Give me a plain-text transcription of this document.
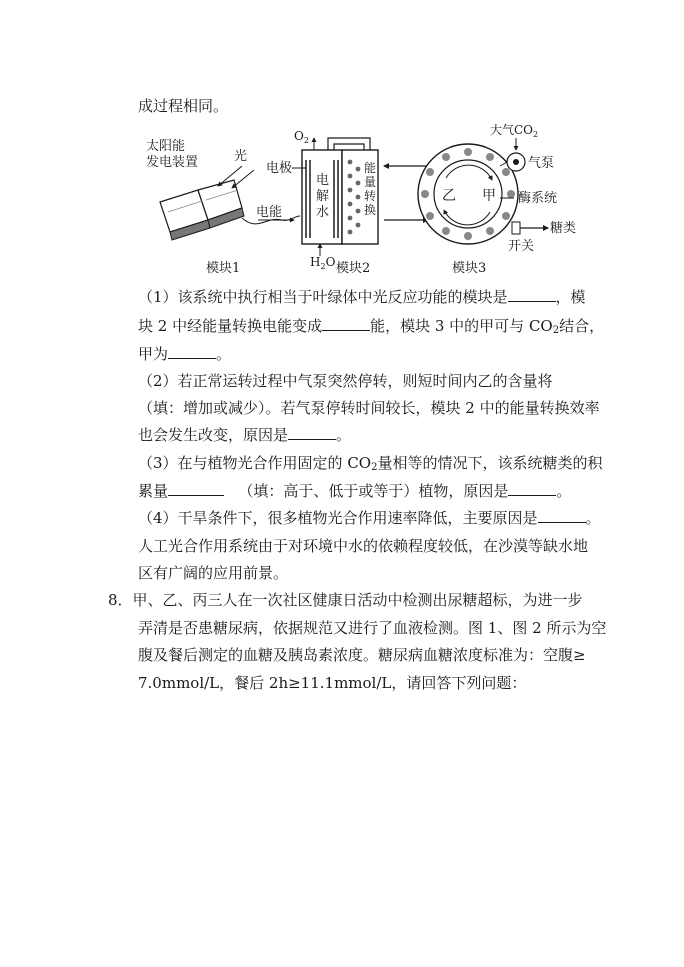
成过程相同。
太阳能
发电装置	光
电能
模块1
$O_2$
电极
电
解
水
能
量
转
换
$H_2O$ 模块2
乙 甲
大气$CO_2$
气泵
酶系统
糖类
开关
模块3
（1）该系统中执行相当于叶绿体中光反应功能的模块是	，模
块 2 中经能量转换电能变成	能，模块 3 中的甲可与 $CO_2$结合，
甲为	。
（2）若正常运转过程中气泵突然停转，则短时间内乙的含量将
（填：增加或减少）。若气泵停转时间较长，模块 2 中的能量转换效率
也会发生改变，原因是	。
（3）在与植物光合作用固定的 $CO_2$量相等的情况下，该系统糖类的积
累量	（填：高于、低于或等于）植物，原因是	。
（4）干旱条件下，很多植物光合作用速率降低，主要原因是	。
人工光合作用系统由于对环境中水的依赖程度较低，在沙漠等缺水地
区有广阔的应用前景。
8．甲、乙、丙三人在一次社区健康日活动中检测出尿糖超标，为进一步
弄清是否患糖尿病，依据规范又进行了血液检测。图 1、图 2 所示为空
腹及餐后测定的血糖及胰岛素浓度。糖尿病血糖浓度标准为：空腹≥
7.0mmol/L，餐后 2h≥11.1mmol/L，请回答下列问题：
